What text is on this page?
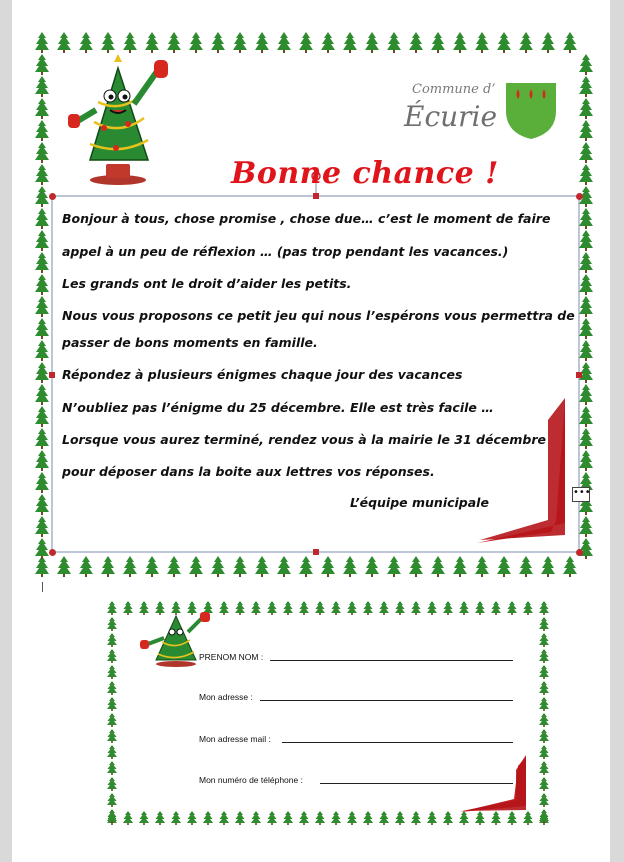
•••
Commune d’
Écurie
Bonne chance !
Bonjour à tous, chose promise , chose due… c’est le moment de faire
appel à un peu de réflexion … (pas trop pendant les vacances.)
Les grands ont le droit d’aider les petits.
Nous vous proposons ce petit jeu qui nous l’espérons vous permettra de
passer de bons moments en famille.
Répondez à plusieurs énigmes chaque jour des vacances
N’oubliez pas l’énigme du 25 décembre. Elle est très facile …
Lorsque vous aurez terminé, rendez vous à la mairie le 31 décembre
pour déposer dans la boite aux lettres vos réponses.
L’équipe municipale
PRENOM NOM :
Mon adresse :
Mon adresse mail :
Mon numéro de téléphone :
